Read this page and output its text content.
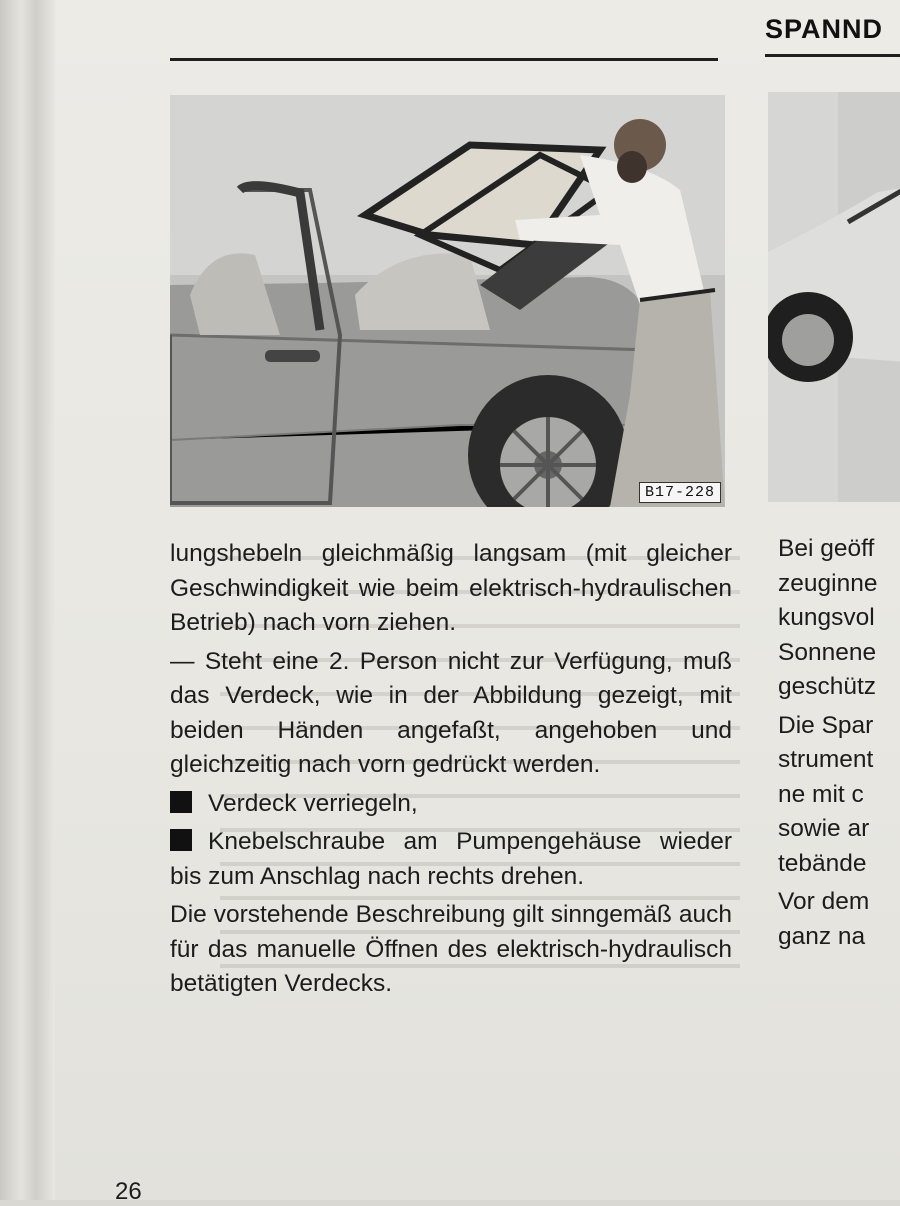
SPANND
B17-228

lungshebeln gleichmäßig langsam (mit gleicher Geschwindigkeit wie beim elektrisch-hydraulischen Betrieb) nach vorn ziehen.

— Steht eine 2. Person nicht zur Verfügung, muß das Verdeck, wie in der Abbildung gezeigt, mit beiden Händen angefaßt, angehoben und gleichzeitig nach vorn gedrückt werden.

Verdeck verriegeln,

Knebelschraube am Pumpengehäuse wieder bis zum Anschlag nach rechts drehen.

Die vorstehende Beschreibung gilt sinngemäß auch für das manuelle Öffnen des elektrisch-hydraulisch betätigten Verdecks.

Bei geöff
zeuginne
kungsvol
Sonnene
geschütz
Die Spar
strument
ne mit c
sowie ar
tebände
Vor dem
ganz na
26
